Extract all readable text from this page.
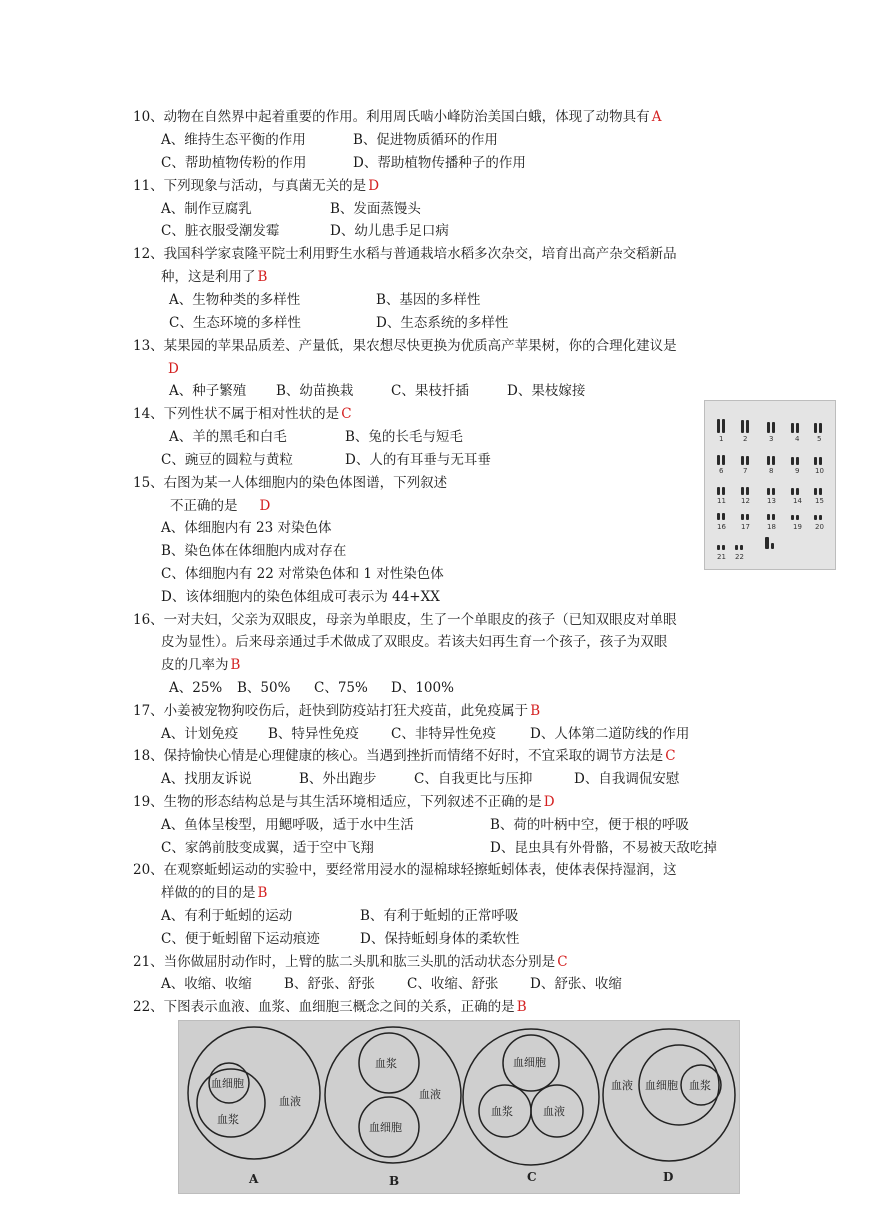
10、动物在自然界中起着重要的作用。利用周氏啮小峰防治美国白蛾，体现了动物具有 A
A、维持生态平衡的作用	B、促进物质循环的作用
C、帮助植物传粉的作用	D、帮助植物传播种子的作用
11、下列现象与活动，与真菌无关的是 D
A、制作豆腐乳	B、发面蒸馒头
C、脏衣服受潮发霉	D、幼儿患手足口病
12、我国科学家袁隆平院士利用野生水稻与普通栽培水稻多次杂交，培育出高产杂交稻新品
种，这是利用了 B
A、生物种类的多样性	B、基因的多样性
C、生态环境的多样性	D、生态系统的多样性
13、某果园的苹果品质差、产量低，果农想尽快更换为优质高产苹果树，你的合理化建议是
D
A、种子繁殖 B、幼苗换栽	C、果枝扦插	D、果枝嫁接
14、下列性状不属于相对性状的是 C
A、羊的黑毛和白毛	B、兔的长毛与短毛
C、豌豆的圆粒与黄粒	D、人的有耳垂与无耳垂
15、右图为某一人体细胞内的染色体图谱，下列叙述
不正确的是 D
A、体细胞内有 23 对染色体
B、染色体在体细胞内成对存在
C、体细胞内有 22 对常染色体和 1 对性染色体
D、该体细胞内的染色体组成可表示为 44+XX
1	2	3	4	5
6	7	8	9 10
11 12 13 14 15
16 17 18 19 20
21 22
16、一对夫妇，父亲为双眼皮，母亲为单眼皮，生了一个单眼皮的孩子（已知双眼皮对单眼
皮为显性）。后来母亲通过手术做成了双眼皮。若该夫妇再生育一个孩子，孩子为双眼
皮的几率为 B
A、25% B、50% C、75% D、100%
17、小姜被宠物狗咬伤后，赶快到防疫站打狂犬疫苗，此免疫属于 B
A、计划免疫 B、特异性免疫 C、非特异性免疫	D、人体第二道防线的作用
18、保持愉快心情是心理健康的核心。当遇到挫折而情绪不好时，不宜采取的调节方法是 C
A、找朋友诉说	B、外出跑步	C、自我更比与压抑	D、自我调侃安慰
19、生物的形态结构总是与其生活环境相适应，下列叙述不正确的是 D
A、鱼体呈梭型，用鳃呼吸，适于水中生活	B、荷的叶柄中空，便于根的呼吸
C、家鸽前肢变成翼，适于空中飞翔	D、昆虫具有外骨骼，不易被天敌吃掉
20、在观察蚯蚓运动的实验中，要经常用浸水的湿棉球轻擦蚯蚓体表，使体表保持湿润，这
样做的的目的是 B
A、有利于蚯蚓的运动	B、有利于蚯蚓的正常呼吸
C、便于蚯蚓留下运动痕迹	D、保持蚯蚓身体的柔软性
21、当你做屈肘动作时，上臂的肱二头肌和肱三头肌的活动状态分别是 C
A、收缩、收缩 B、舒张、舒张 C、收缩、舒张 D、舒张、收缩
22、下图表示血液、血浆、血细胞三概念之间的关系，正确的是 B
血细胞
血浆
血液
A
血浆
血细胞
血液
B
血细胞
血浆	血液
C
血液 血细胞 血浆
D
